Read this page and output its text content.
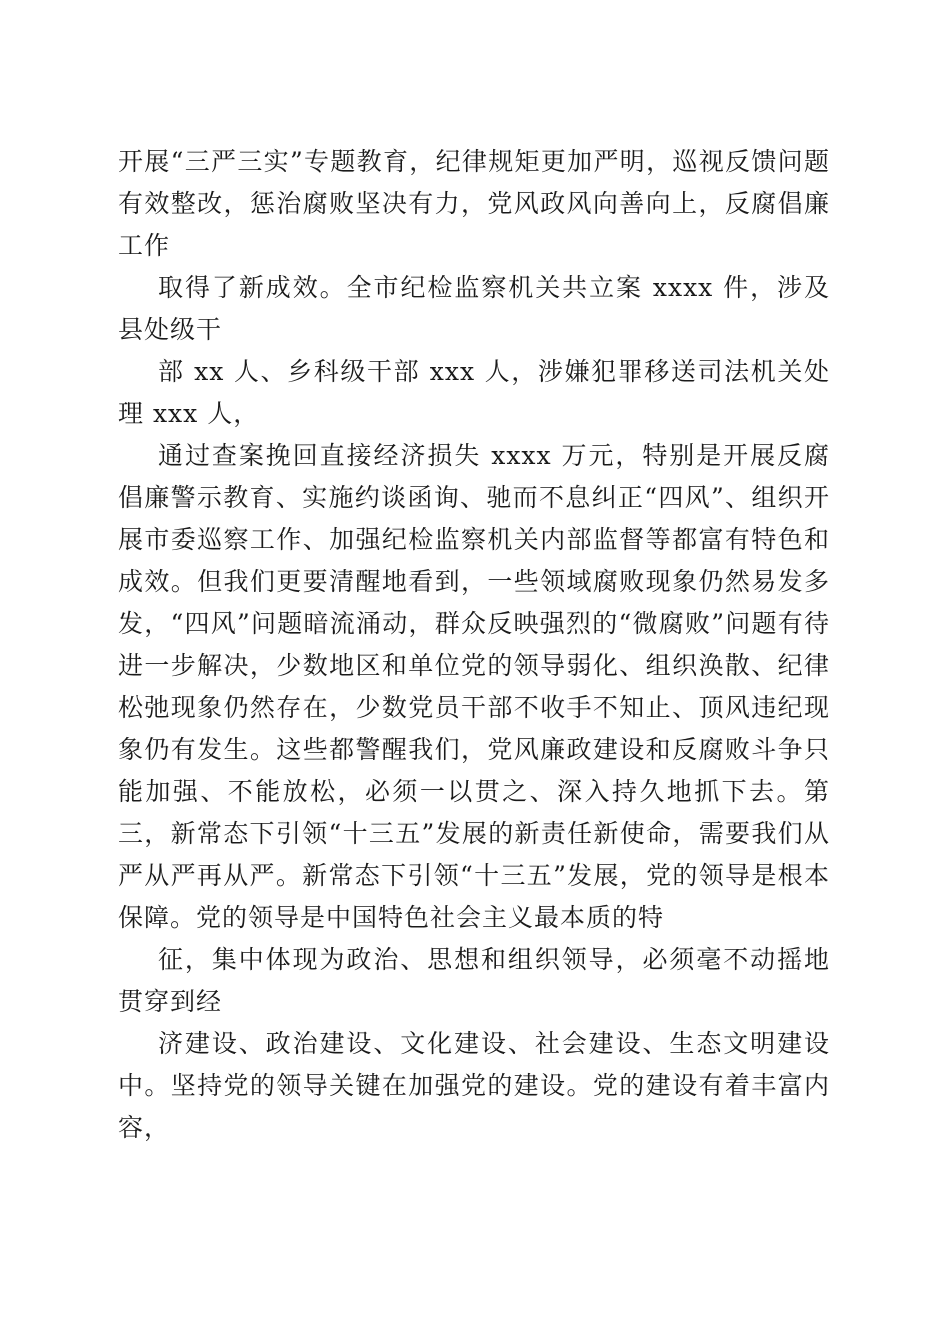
开展“三严三实”专题教育，纪律规矩更加严明，巡视反馈问题有效整改，惩治腐败坚决有力，党风政风向善向上，反腐倡廉工作

取得了新成效。全市纪检监察机关共立案 xxxx 件，涉及县处级干

部 xx 人、乡科级干部 xxx 人，涉嫌犯罪移送司法机关处理 xxx 人，

通过查案挽回直接经济损失 xxxx 万元，特别是开展反腐倡廉警示教育、实施约谈函询、驰而不息纠正“四风”、组织开展市委巡察工作、加强纪检监察机关内部监督等都富有特色和成效。但我们更要清醒地看到，一些领域腐败现象仍然易发多发，“四风”问题暗流涌动，群众反映强烈的“微腐败”问题有待进一步解决，少数地区和单位党的领导弱化、组织涣散、纪律松弛现象仍然存在，少数党员干部不收手不知止、顶风违纪现象仍有发生。这些都警醒我们，党风廉政建设和反腐败斗争只能加强、不能放松，必须一以贯之、深入持久地抓下去。第三，新常态下引领“十三五”发展的新责任新使命，需要我们从严从严再从严。新常态下引领“十三五”发展，党的领导是根本保障。党的领导是中国特色社会主义最本质的特

征，集中体现为政治、思想和组织领导，必须毫不动摇地贯穿到经

济建设、政治建设、文化建设、社会建设、生态文明建设中。坚持党的领导关键在加强党的建设。党的建设有着丰富内容，
